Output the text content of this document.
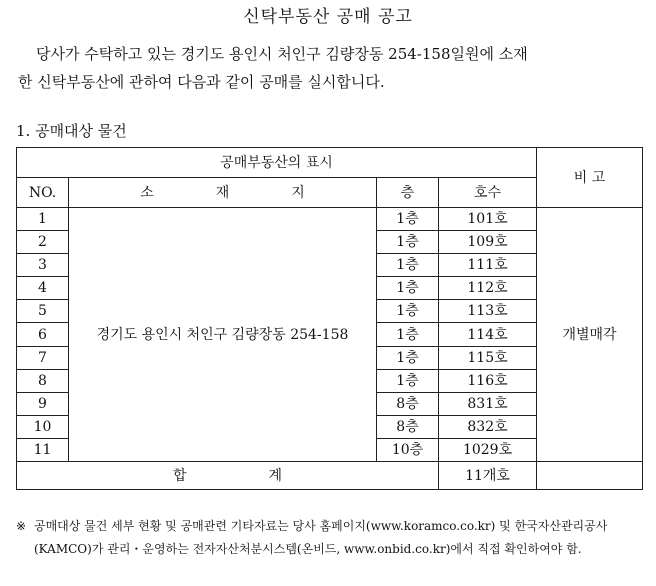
신탁부동산 공매 공고
당사가 수탁하고 있는 경기도 용인시 처인구 김량장동 254-158일원에 소재
한 신탁부동산에 관하여 다음과 같이 공매를 실시합니다.
1. 공매대상 물건
공매부동산의 표시				비 고
NO.	소 재 지	층	호수	
1	경기도 용인시 처인구 김량장동 254-158	1층	101호	개별매각
2		1층	109호	
3		1층	111호	
4		1층	112호	
5		1층	113호	
6		1층	114호	
7		1층	115호	
8		1층	116호	
9		8층	831호	
10		8층	832호	
11		10층	1029호	
합 계			11개호	
※ 공매대상 물건 세부 현황 및 공매관련 기타자료는 당사 홈페이지(www.koramco.co.kr) 및 한국자산관리공사(KAMCO)가 관리・운영하는 전자자산처분시스템(온비드, www.onbid.co.kr)에서 직접 확인하여야 함.
